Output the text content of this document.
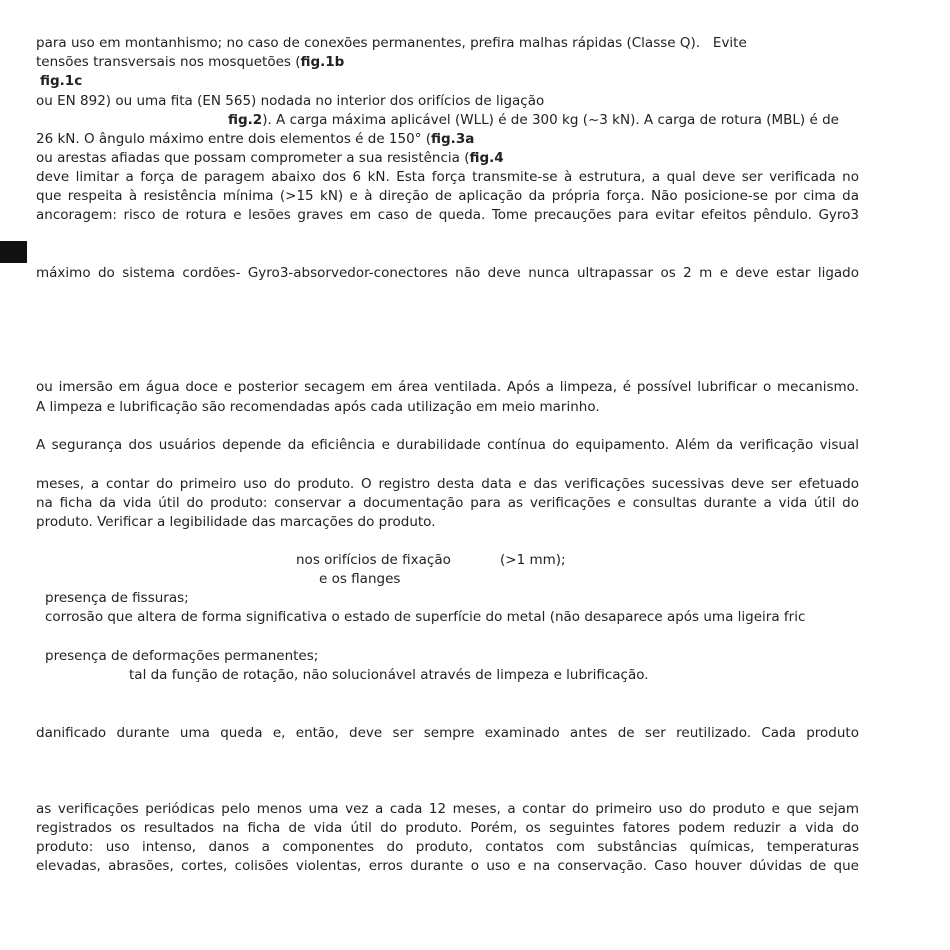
para uso em montanhismo; no caso de conexões permanentes, prefira malhas rápidas (Classe Q).   Evite
tensões transversais nos mosquetões (fig.1b
fig.1c
ou EN 892) ou uma fita (EN 565) nodada no interior dos orifícios de ligação
fig.2). A carga máxima aplicável (WLL) é de 300 kg (~3 kN). A carga de rotura (MBL) é de
26 kN. O ângulo máximo entre dois elementos é de 150° (fig.3a
ou arestas afiadas que possam comprometer a sua resistência (fig.4
deve limitar a força de paragem abaixo dos 6 kN. Esta força transmite-se à estrutura, a qual deve ser verificada no
que respeita à resistência mínima (>15 kN) e à direção de aplicação da própria força. Não posicione-se por cima da
ancoragem: risco de rotura e lesões graves em caso de queda. Tome precauções para evitar efeitos pêndulo. Gyro3
máximo do sistema cordões- Gyro3-absorvedor-conectores não deve nunca ultrapassar os 2 m e deve estar ligado
ou imersão em água doce e posterior secagem em área ventilada. Após a limpeza, é possível lubrificar o mecanismo.
A limpeza e lubrificação são recomendadas após cada utilização em meio marinho.
A segurança dos usuários depende da eficiência e durabilidade contínua do equipamento. Além da verificação visual
meses, a contar do primeiro uso do produto. O registro desta data e das verificações sucessivas deve ser efetuado
na ficha da vida útil do produto: conservar a documentação para as verificações e consultas durante a vida útil do
produto. Verificar a legibilidade das marcações do produto.
nos orifícios de fixação	(>1 mm);
e os flanges
presença de fissuras;
corrosão que altera de forma significativa o estado de superfície do metal (não desaparece após uma ligeira fric
presença de deformações permanentes;
tal da função de rotação, não solucionável através de limpeza e lubrificação.
danificado durante uma queda e, então, deve ser sempre examinado antes de ser reutilizado. Cada produto
as verificações periódicas pelo menos uma vez a cada 12 meses, a contar do primeiro uso do produto e que sejam
registrados os resultados na ficha de vida útil do produto. Porém, os seguintes fatores podem reduzir a vida do
produto: uso intenso, danos a componentes do produto, contatos com substâncias químicas, temperaturas
elevadas, abrasões, cortes, colisões violentas, erros durante o uso e na conservação. Caso houver dúvidas de que
